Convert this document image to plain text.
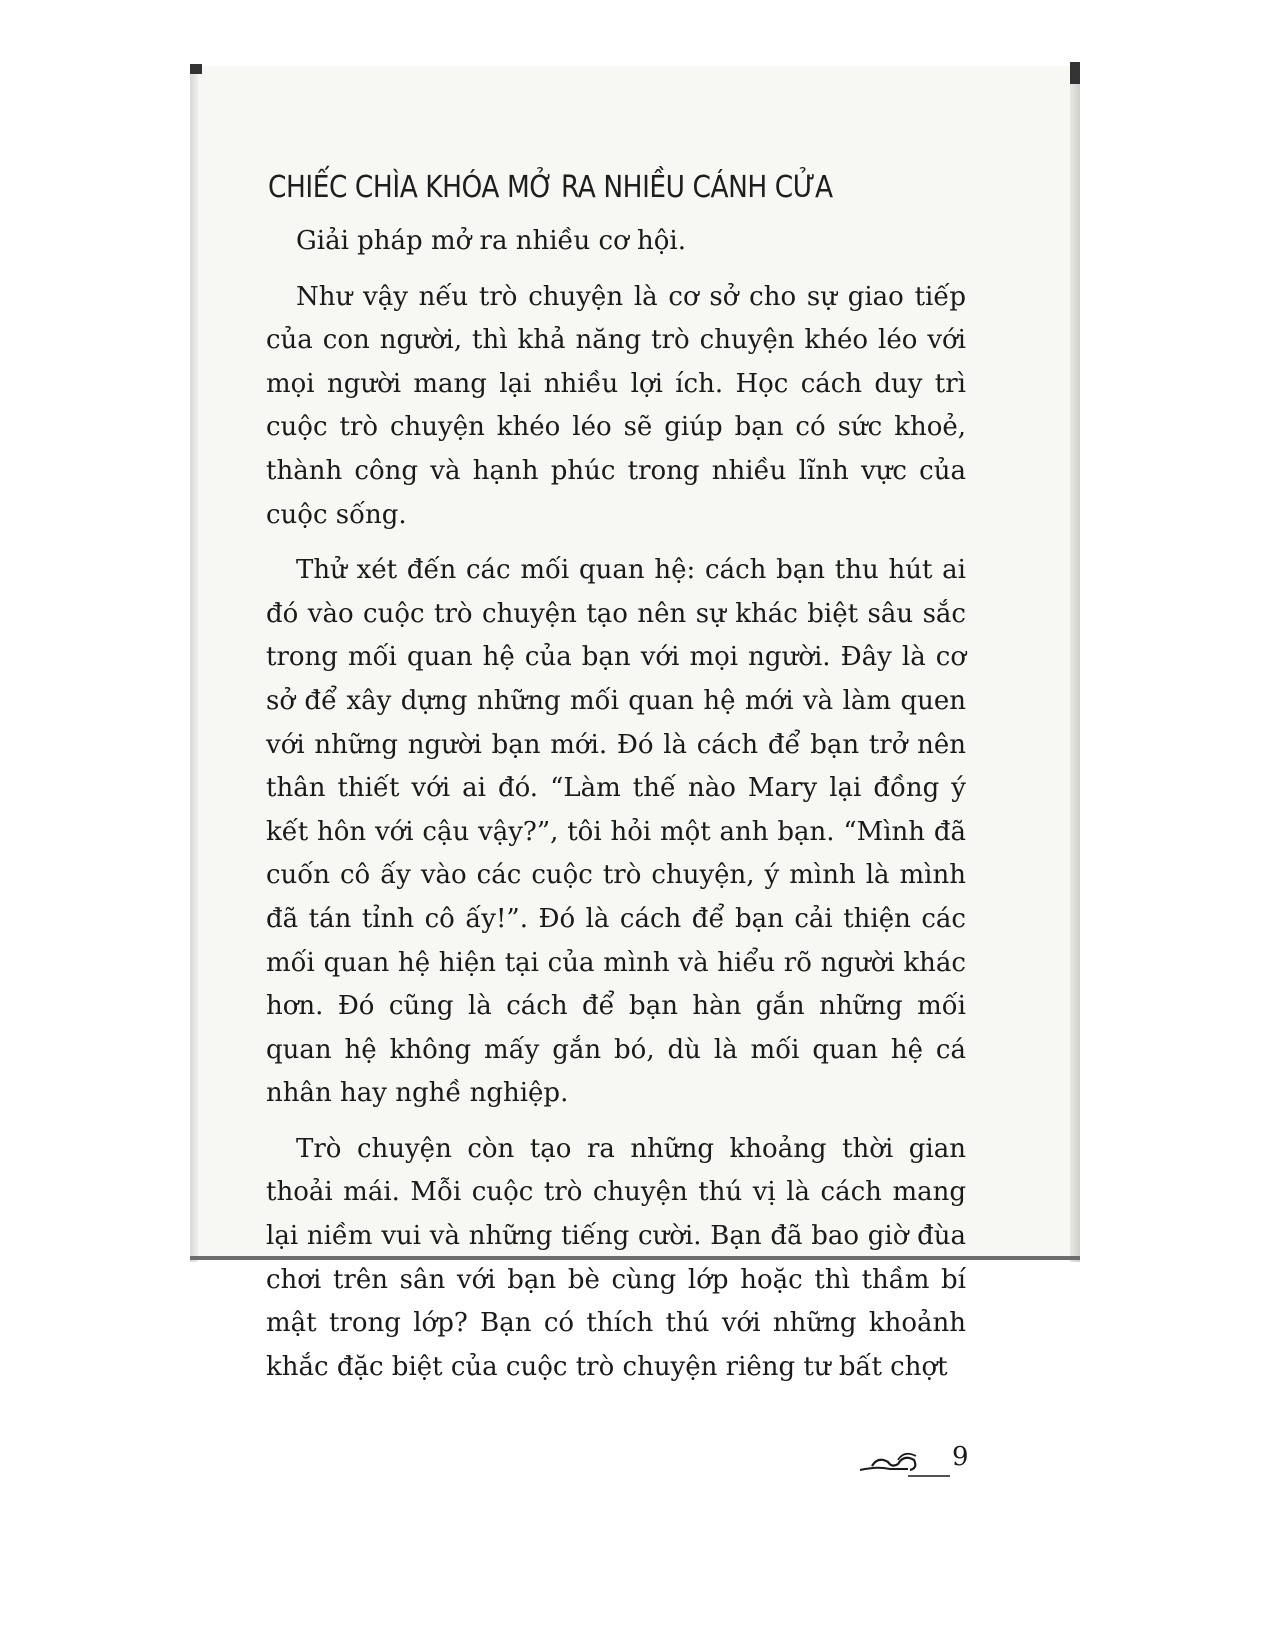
CHIẾC CHÌA KHÓA MỞ RA NHIỀU CÁNH CỬA

Giải pháp mở ra nhiều cơ hội.

Như vậy nếu trò chuyện là cơ sở cho sự giao tiếp của con người, thì khả năng trò chuyện khéo léo với mọi người mang lại nhiều lợi ích. Học cách duy trì cuộc trò chuyện khéo léo sẽ giúp bạn có sức khoẻ, thành công và hạnh phúc trong nhiều lĩnh vực của cuộc sống.

Thử xét đến các mối quan hệ: cách bạn thu hút ai đó vào cuộc trò chuyện tạo nên sự khác biệt sâu sắc trong mối quan hệ của bạn với mọi người. Đây là cơ sở để xây dựng những mối quan hệ mới và làm quen với những người bạn mới. Đó là cách để bạn trở nên thân thiết với ai đó. “Làm thế nào Mary lại đồng ý kết hôn với cậu vậy?”, tôi hỏi một anh bạn. “Mình đã cuốn cô ấy vào các cuộc trò chuyện, ý mình là mình đã tán tỉnh cô ấy!”. Đó là cách để bạn cải thiện các mối quan hệ hiện tại của mình và hiểu rõ người khác hơn. Đó cũng là cách để bạn hàn gắn những mối quan hệ không mấy gắn bó, dù là mối quan hệ cá nhân hay nghề nghiệp.

Trò chuyện còn tạo ra những khoảng thời gian thoải mái. Mỗi cuộc trò chuyện thú vị là cách mang lại niềm vui và những tiếng cười. Bạn đã bao giờ đùa chơi trên sân với bạn bè cùng lớp hoặc thì thầm bí mật trong lớp? Bạn có thích thú với những khoảnh khắc đặc biệt của cuộc trò chuyện riêng tư bất chợt

9
